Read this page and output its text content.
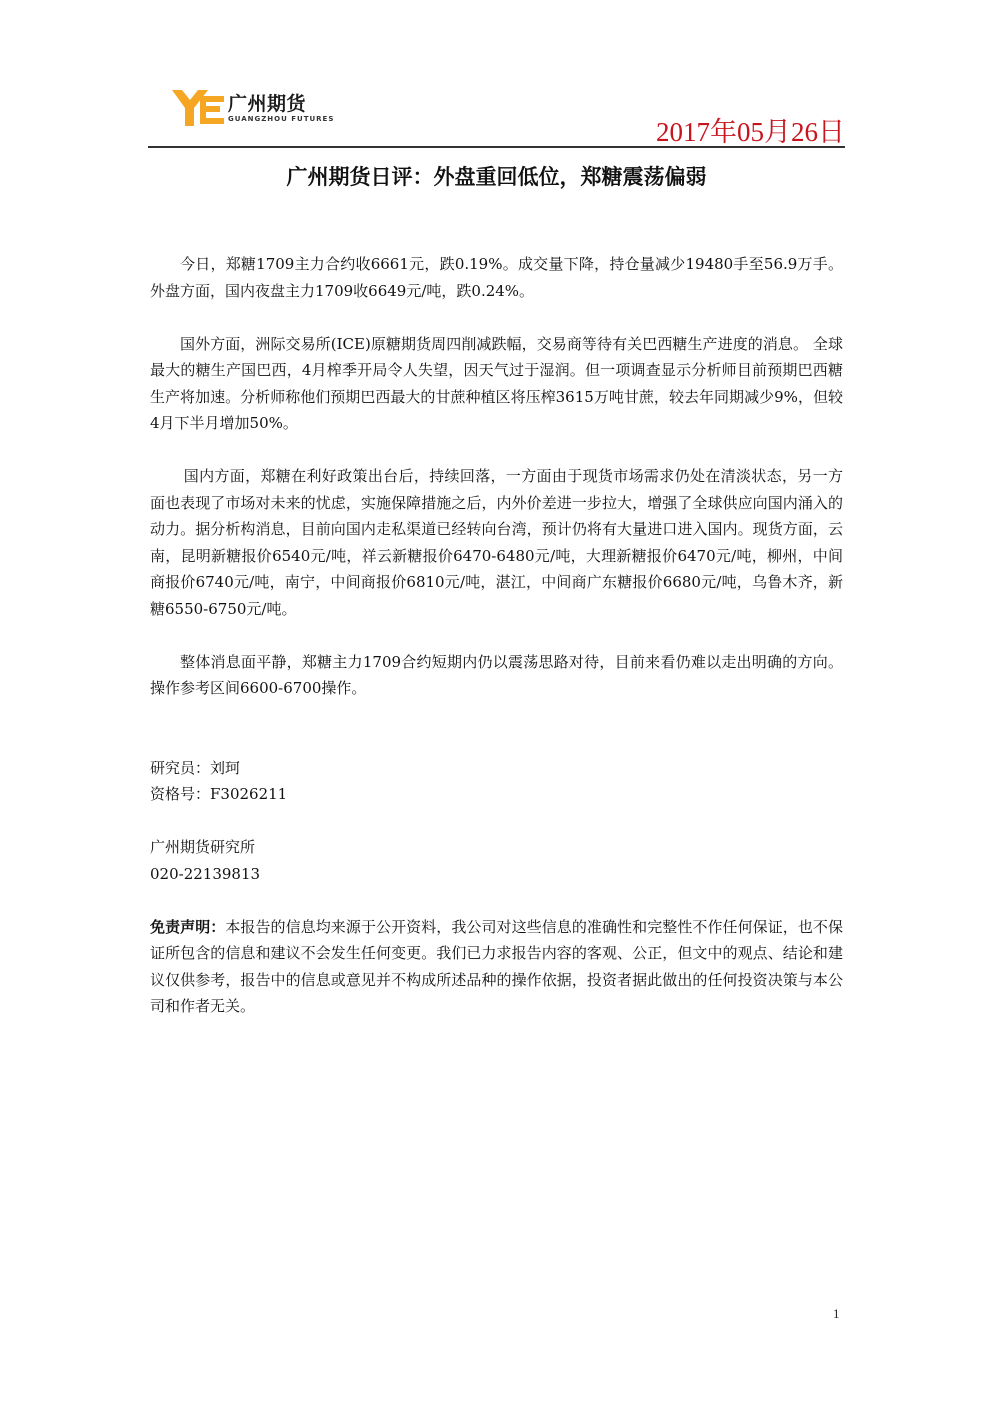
广州期货
GUANGZHOU FUTURES	2017年05月26日
广州期货日评：外盘重回低位，郑糖震荡偏弱

今日，郑糖1709主力合约收6661元，跌0.19%。成交量下降，持仓量减少19480手至56.9万手。外盘方面，国内夜盘主力1709收6649元/吨，跌0.24%。

国外方面，洲际交易所(ICE)原糖期货周四削减跌幅，交易商等待有关巴西糖生产进度的消息。 全球最大的糖生产国巴西，4月榨季开局令人失望，因天气过于湿润。但一项调查显示分析师目前预期巴西糖生产将加速。分析师称他们预期巴西最大的甘蔗种植区将压榨3615万吨甘蔗，较去年同期减少9%，但较4月下半月增加50%。

国内方面，郑糖在利好政策出台后，持续回落，一方面由于现货市场需求仍处在清淡状态，另一方面也表现了市场对未来的忧虑，实施保障措施之后，内外价差进一步拉大，增强了全球供应向国内涌入的动力。据分析构消息，目前向国内走私渠道已经转向台湾，预计仍将有大量进口进入国内。现货方面，云南，昆明新糖报价6540元/吨，祥云新糖报价6470-6480元/吨，大理新糖报价6470元/吨，柳州，中间商报价6740元/吨，南宁，中间商报价6810元/吨，湛江，中间商广东糖报价6680元/吨，乌鲁木齐，新糖6550-6750元/吨。

整体消息面平静，郑糖主力1709合约短期内仍以震荡思路对待，目前来看仍难以走出明确的方向。操作参考区间6600-6700操作。

研究员：刘珂
资格号：F3026211
广州期货研究所
020-22139813

免责声明：本报告的信息均来源于公开资料，我公司对这些信息的准确性和完整性不作任何保证，也不保证所包含的信息和建议不会发生任何变更。我们已力求报告内容的客观、公正，但文中的观点、结论和建议仅供参考，报告中的信息或意见并不构成所述品种的操作依据，投资者据此做出的任何投资决策与本公司和作者无关。

1
